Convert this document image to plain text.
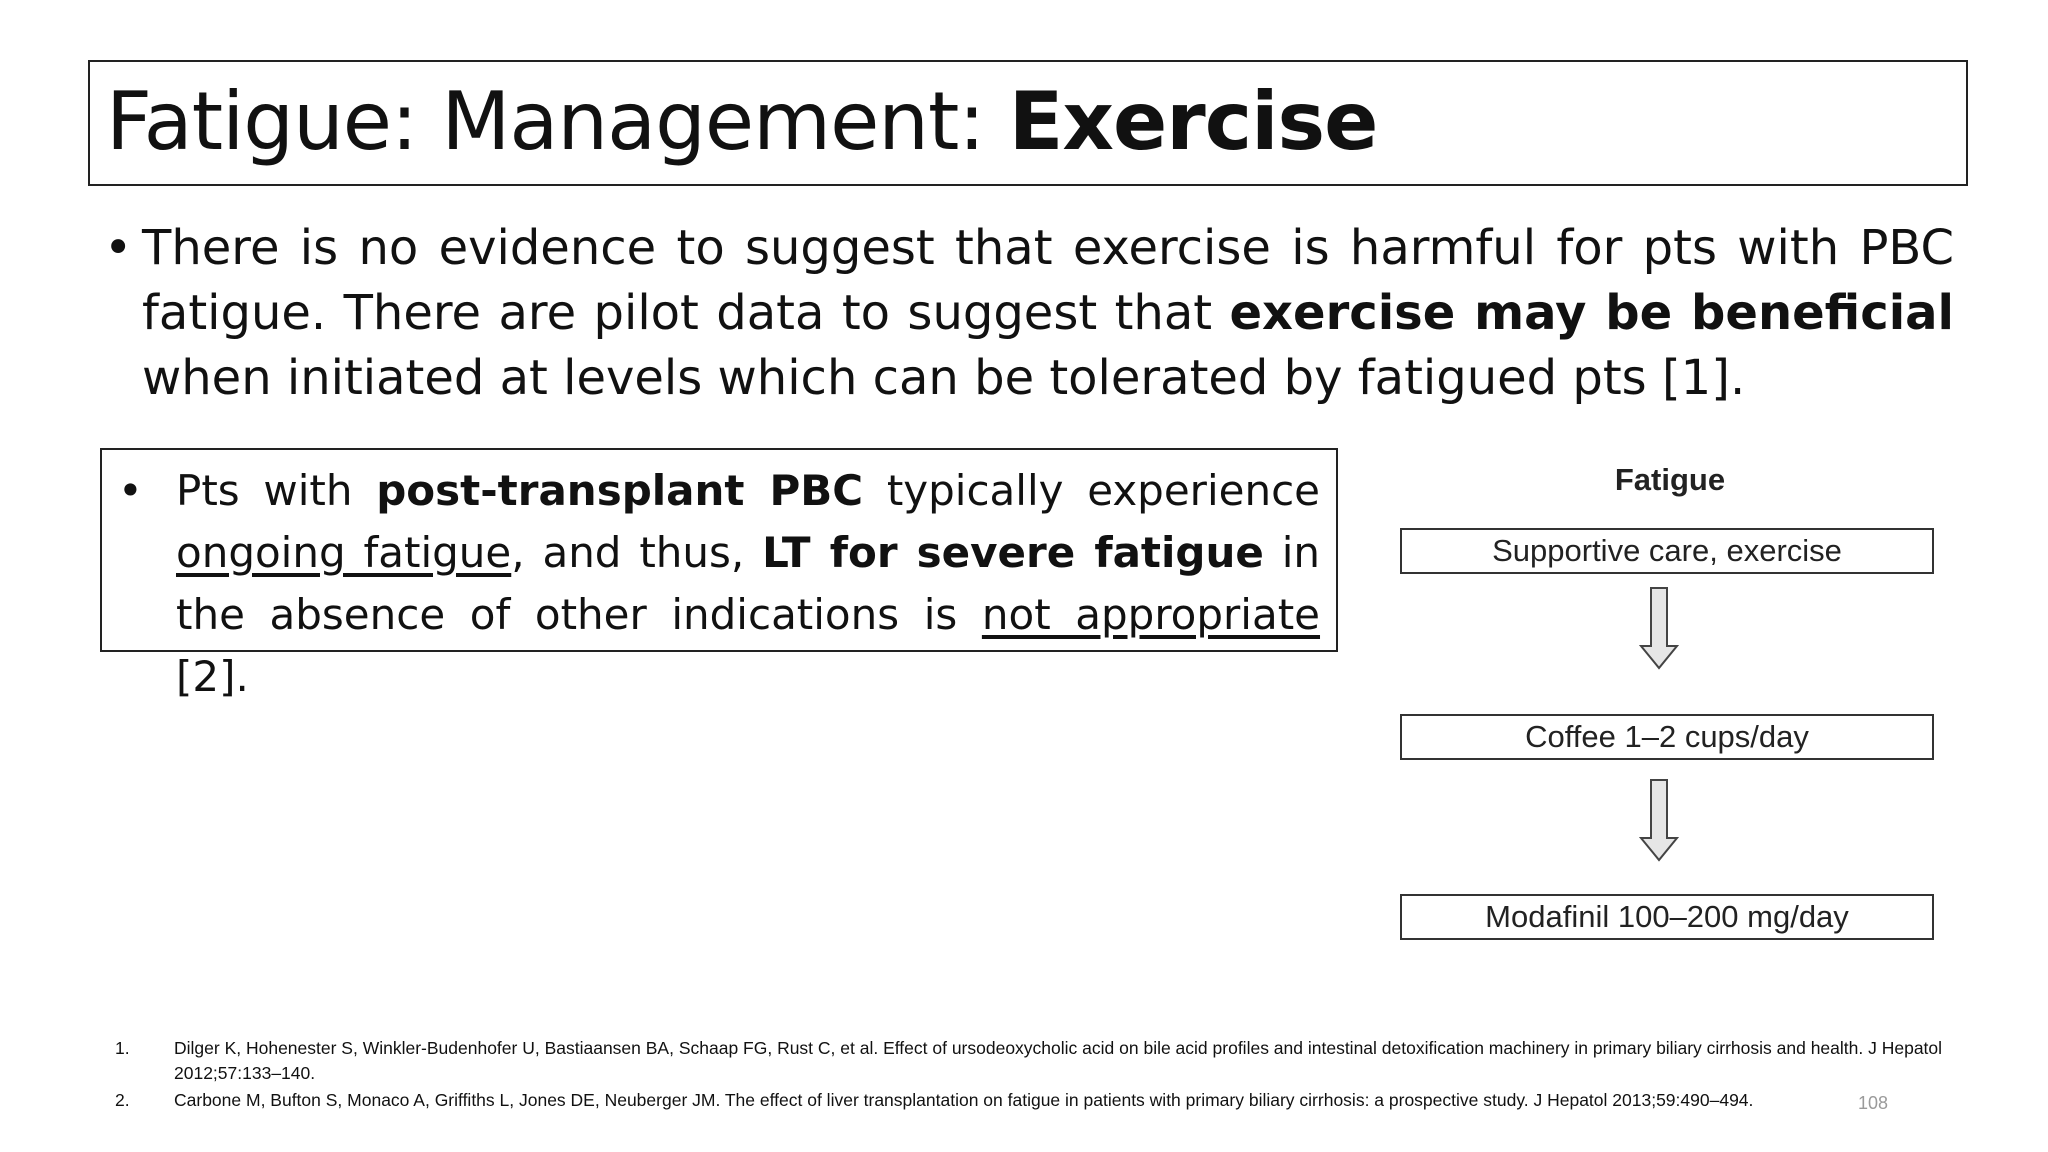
Fatigue: Management: Exercise
• There is no evidence to suggest that exercise is harmful for pts with PBC fatigue. There are pilot data to suggest that exercise may be beneficial when initiated at levels which can be tolerated by fatigued pts [1].
• Pts with post-transplant PBC typically experience ongoing fatigue, and thus, LT for severe fatigue in the absence of other indications is not appropriate [2].
Fatigue
Supportive care, exercise
Coffee 1–2 cups/day
Modafinil 100–200 mg/day
1.	Dilger K, Hohenester S, Winkler-Budenhofer U, Bastiaansen BA, Schaap FG, Rust C, et al. Effect of ursodeoxycholic acid on bile acid profiles and intestinal detoxification machinery in primary biliary cirrhosis and health. J Hepatol 2012;57:133–140.
2.	Carbone M, Bufton S, Monaco A, Griffiths L, Jones DE, Neuberger JM. The effect of liver transplantation on fatigue in patients with primary biliary cirrhosis: a prospective study. J Hepatol 2013;59:490–494.	108
